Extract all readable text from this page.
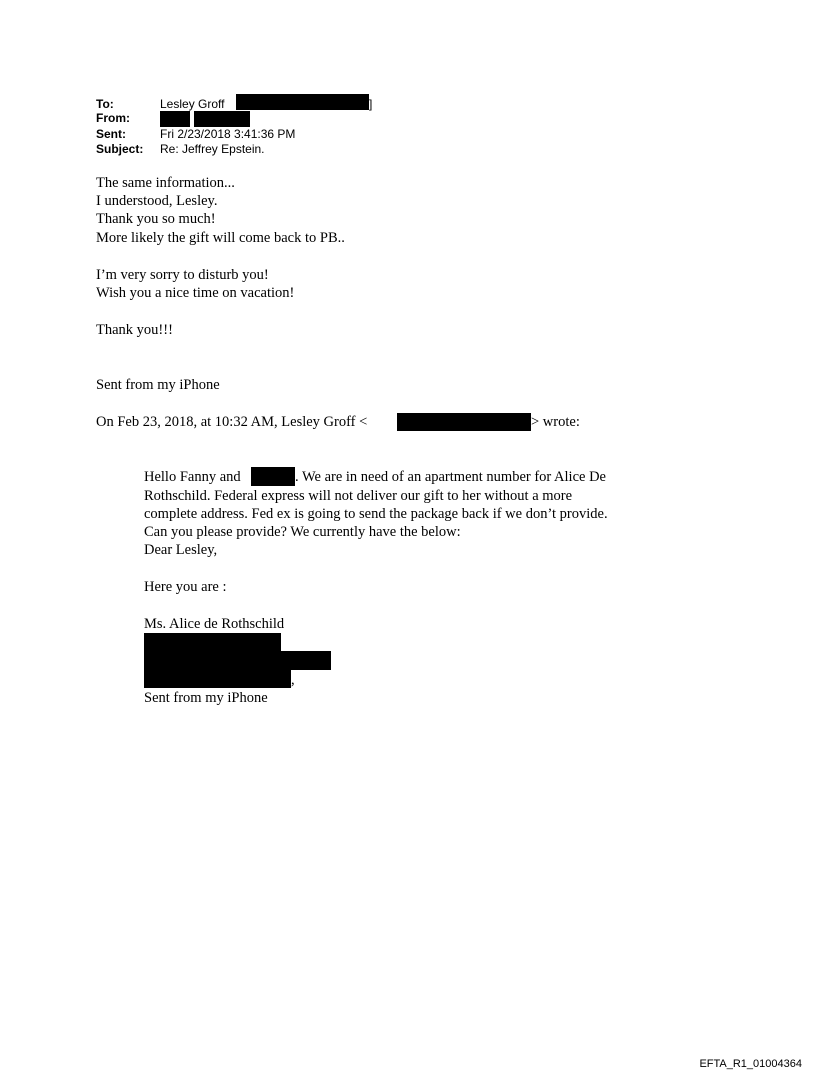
To:	Lesley Groff	]
From:
Sent:	Fri 2/23/2018 3:41:36 PM
Subject: Re: Jeffrey Epstein.
The same information...
I understood, Lesley.
Thank you so much!
More likely the gift will come back to PB..
I’m very sorry to disturb you!
Wish you a nice time on vacation!
Thank you!!!
Sent from my iPhone
On Feb 23, 2018, at 10:32 AM, Lesley Groff <	> wrote:
Hello Fanny and	. We are in need of an apartment number for Alice De
Rothschild. Federal express will not deliver our gift to her without a more
complete address. Fed ex is going to send the package back if we don’t provide.
Can you please provide? We currently have the below:
Dear Lesley,
Here you are :
Ms. Alice de Rothschild
,
Sent from my iPhone
EFTA_R1_01004364
